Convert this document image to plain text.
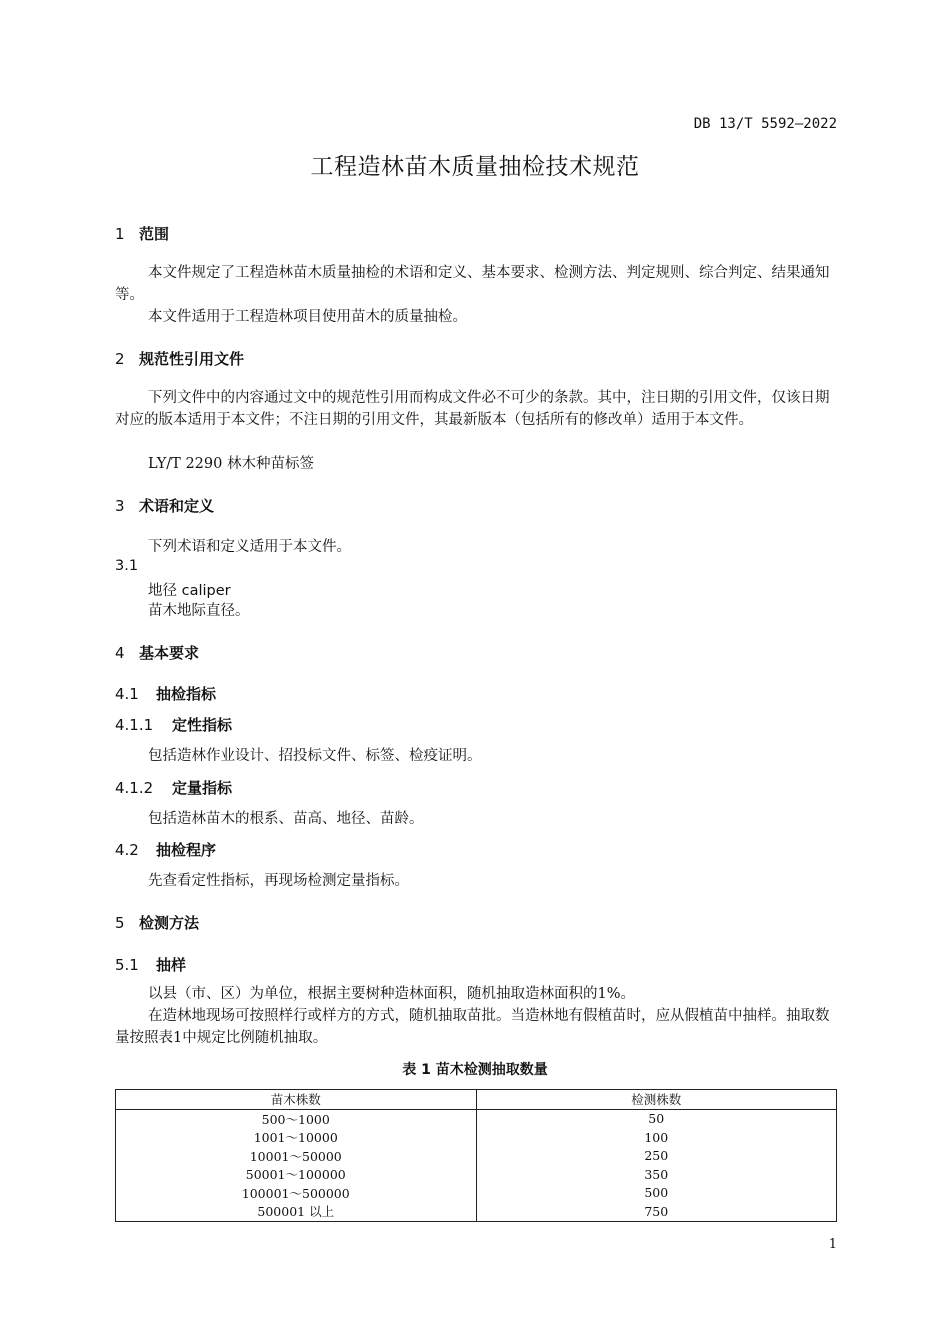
DB 13/T 5592—2022
工程造林苗木质量抽检技术规范
1 范围
本文件规定了工程造林苗木质量抽检的术语和定义、基本要求、检测方法、判定规则、综合判定、结果通知等。
本文件适用于工程造林项目使用苗木的质量抽检。
2 规范性引用文件
下列文件中的内容通过文中的规范性引用而构成文件必不可少的条款。其中，注日期的引用文件，仅该日期对应的版本适用于本文件；不注日期的引用文件，其最新版本（包括所有的修改单）适用于本文件。
LY/T 2290 林木种苗标签
3 术语和定义
下列术语和定义适用于本文件。
3.1
地径 caliper
苗木地际直径。
4 基本要求
4.1 抽检指标
4.1.1 定性指标
包括造林作业设计、招投标文件、标签、检疫证明。
4.1.2 定量指标
包括造林苗木的根系、苗高、地径、苗龄。
4.2 抽检程序
先查看定性指标，再现场检测定量指标。
5 检测方法
5.1 抽样
以县（市、区）为单位，根据主要树种造林面积，随机抽取造林面积的1%。
在造林地现场可按照样行或样方的方式，随机抽取苗批。当造林地有假植苗时，应从假植苗中抽样。抽取数量按照表1中规定比例随机抽取。
表 1 苗木检测抽取数量
苗木株数	检测株数
500～1000	50
1001～10000	100
10001～50000	250
50001～100000	350
100001～500000	500
500001 以上	750
1
